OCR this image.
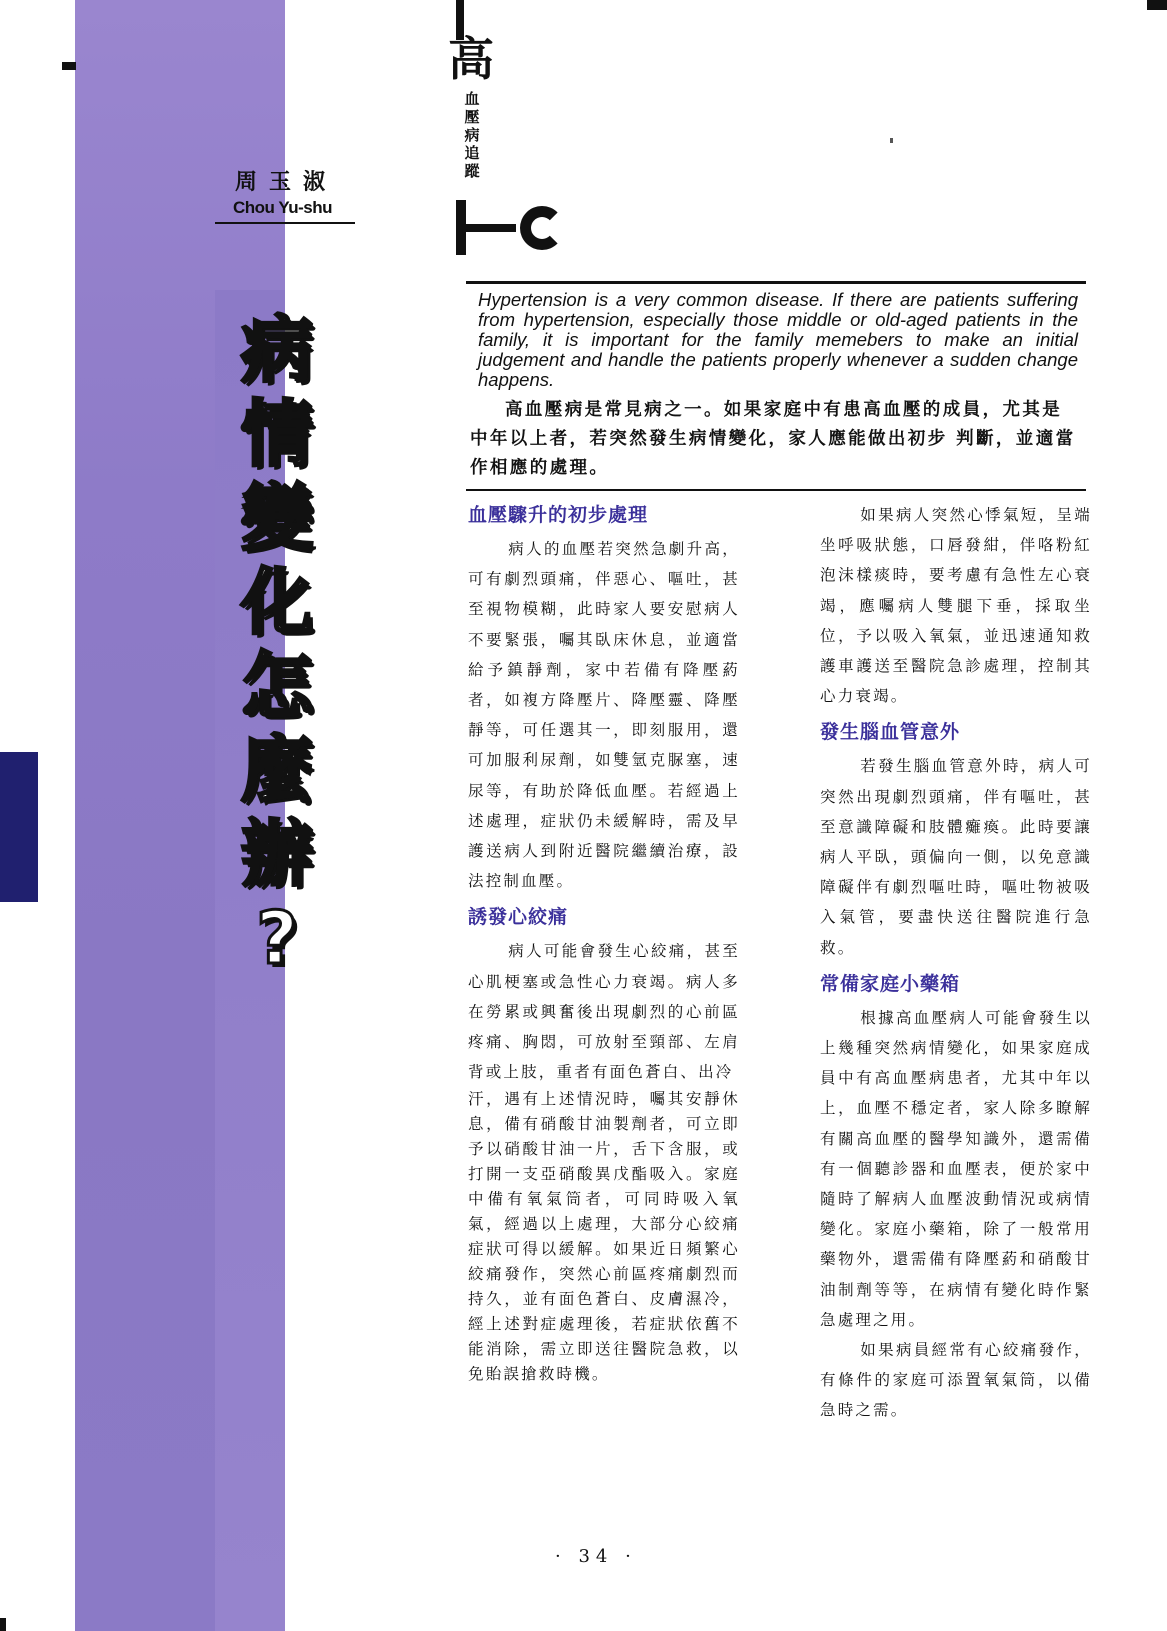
周玉淑
Chou Yu-shu
病
情
變
化
怎
麼
辦
?
高
血
壓
病
追
蹤

Hypertension is a very common disease. If there are patients suffering from hypertension, especially those middle or old-aged patients in the family, it is important for the family memebers to make an initial judgement and handle the patients properly whenever a sudden change happens.

高血壓病是常見病之一。如果家庭中有患高血壓的成員，尤其是中年以上者，若突然發生病情變化，家人應能做出初步 判斷，並適當作相應的處理。

血壓驟升的初步處理

病人的血壓若突然急劇升高，可有劇烈頭痛，伴惡心、嘔吐，甚至視物模糊，此時家人要安慰病人不要緊張，囑其臥床休息，並適當給予鎮靜劑，家中若備有降壓葯者，如複方降壓片、降壓靈、降壓靜等，可任選其一，即刻服用，還可加服利尿劑，如雙氫克脲塞，速尿等，有助於降低血壓。若經過上述處理，症狀仍未緩解時，需及早護送病人到附近醫院繼續治療，設法控制血壓。

誘發心絞痛

病人可能會發生心絞痛，甚至心肌梗塞或急性心力衰竭。病人多在勞累或興奮後出現劇烈的心前區疼痛、胸悶，可放射至頸部、左肩背或上肢，重者有面色蒼白、出冷

汗，遇有上述情況時，囑其安靜休息，備有硝酸甘油製劑者，可立即予以硝酸甘油一片，舌下含服，或打開一支亞硝酸異戊酯吸入。家庭中備有氧氣筒者，可同時吸入氧氣，經過以上處理，大部分心絞痛症狀可得以緩解。如果近日頻繁心絞痛發作，突然心前區疼痛劇烈而持久，並有面色蒼白、皮膚濕冷，經上述對症處理後，若症狀依舊不能消除，需立即送往醫院急救，以免貽誤搶救時機。

如果病人突然心悸氣短，呈端坐呼吸狀態，口唇發紺，伴咯粉紅泡沫樣痰時，要考慮有急性左心衰竭，應囑病人雙腿下垂，採取坐位，予以吸入氧氣，並迅速通知救護車護送至醫院急診處理，控制其心力衰竭。

發生腦血管意外

若發生腦血管意外時，病人可突然出現劇烈頭痛，伴有嘔吐，甚至意識障礙和肢體癱瘓。此時要讓病人平臥，頭偏向一側，以免意識障礙伴有劇烈嘔吐時，嘔吐物被吸入氣管，要盡快送往醫院進行急救。

常備家庭小藥箱

根據高血壓病人可能會發生以上幾種突然病情變化，如果家庭成員中有高血壓病患者，尤其中年以上，血壓不穩定者，家人除多瞭解有關高血壓的醫學知識外，還需備有一個聽診器和血壓表，便於家中隨時了解病人血壓波動情況或病情變化。家庭小藥箱，除了一般常用藥物外，還需備有降壓葯和硝酸甘油制劑等等，在病情有變化時作緊急處理之用。

如果病員經常有心絞痛發作，有條件的家庭可添置氧氣筒，以備急時之需。

· 34 ·
